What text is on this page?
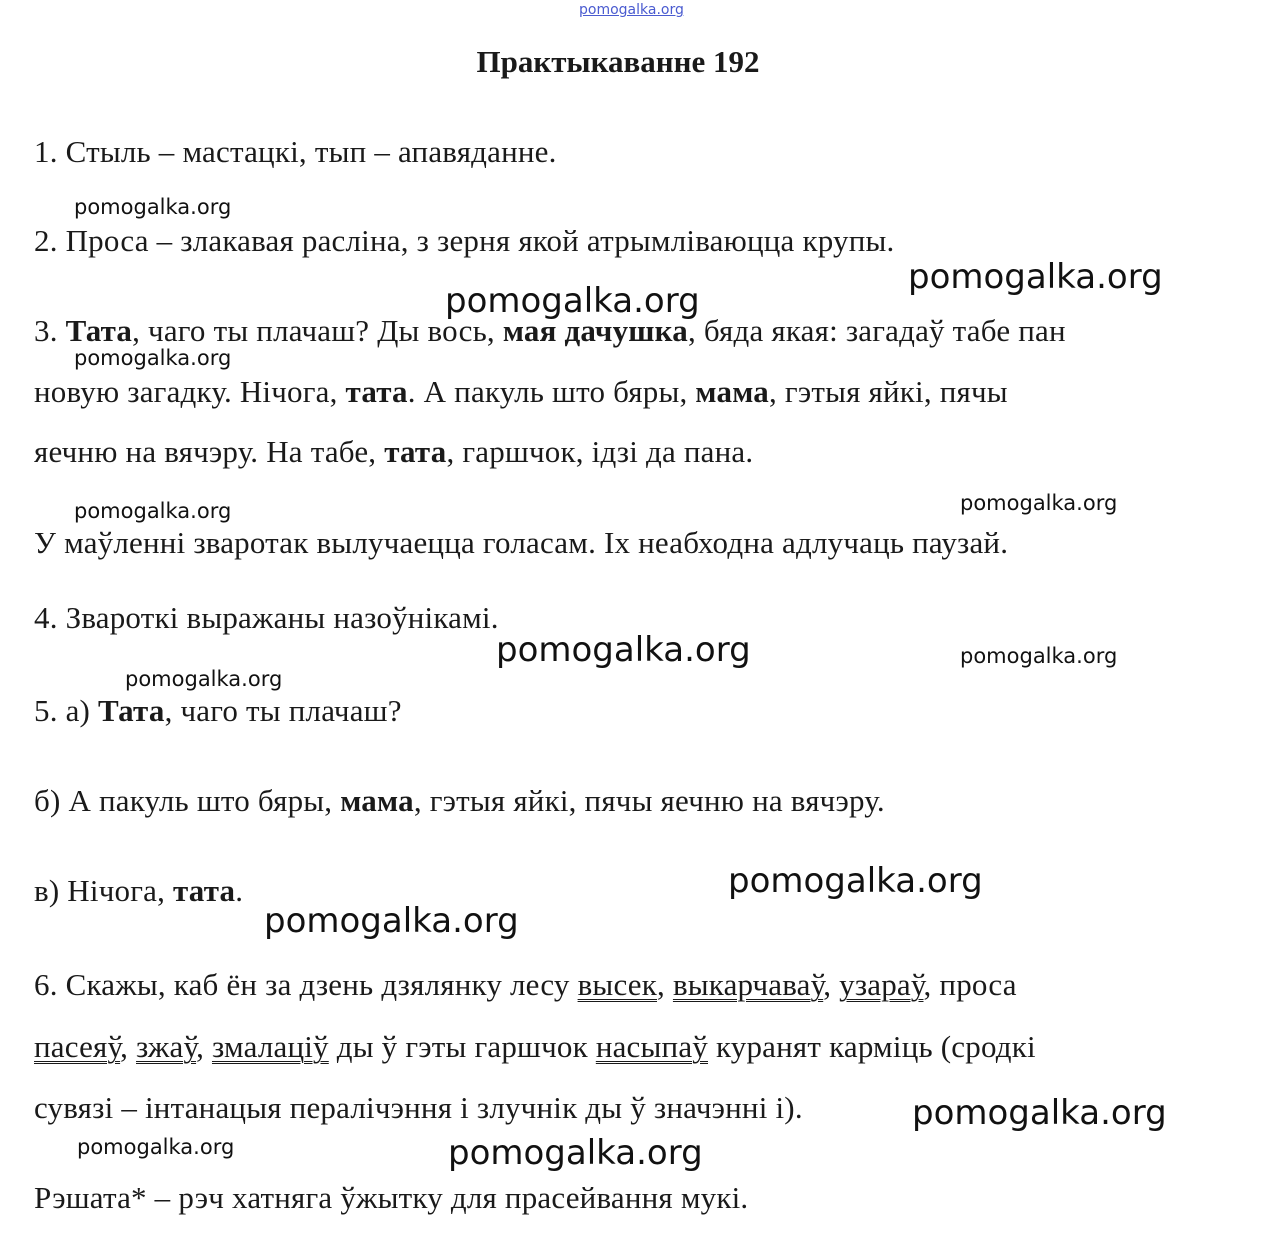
pomogalka.org
Практыкаванне 192
1. Стыль – мастацкі, тып – апавяданне.
2. Проса – злакавая расліна, з зерня якой атрымліваюцца крупы.
3. Тата, чаго ты плачаш? Ды вось, мая дачушка, бяда якая: загадаў табе пан
новую загадку. Нічога, тата. А пакуль што бяры, мама, гэтыя яйкі, пячы
яечню на вячэру. На табе, тата, гаршчок, ідзі да пана.
У маўленні зваротак вылучаецца голасам. Іх неабходна адлучаць паузай.
4. Звароткі выражаны назоўнікамі.
5. а) Тата, чаго ты плачаш?
б) А пакуль што бяры, мама, гэтыя яйкі, пячы яечню на вячэру.
в) Нічога, тата.
6. Скажы, каб ён за дзень дзялянку лесу высек, выкарчаваў, узараў, проса
пасеяў, зжаў, змалаціў ды ў гэты гаршчок насыпаў куранят карміць (сродкі
сувязі – інтанацыя пералічэння і злучнік ды ў значэнні і).
Рэшата* – рэч хатняга ўжытку для прасейвання мукі.
pomogalka.org
pomogalka.org
pomogalka.org
pomogalka.org
pomogalka.org
pomogalka.org
pomogalka.org	pomogalka.org
pomogalka.org
pomogalka.org
pomogalka.org
pomogalka.org
pomogalka.org	pomogalka.org
